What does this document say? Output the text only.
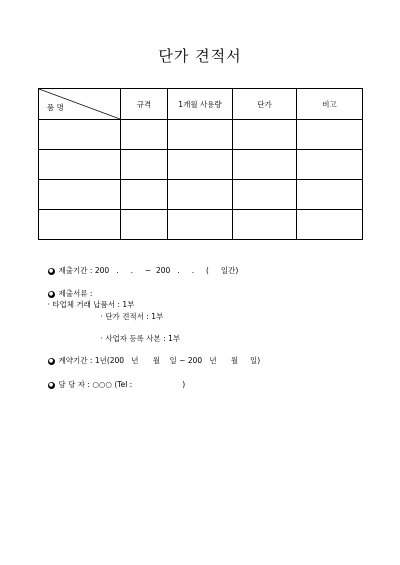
단가 견적서
품 명	규격	1개월 사용량	단가	비고

● 제출기간 : 200   .     .     ~  200   .     .     (     일간)

● 제출서류 :
· 타업체 거래 납품서 : 1부

· 단가 견적서 : 1부

· 사업자 등록 사본 : 1부

● 계약기간 : 1년(200   년      월    일 ~ 200   년      월     일)

● 담 당 자 : ○○○ (Tel :                     )
